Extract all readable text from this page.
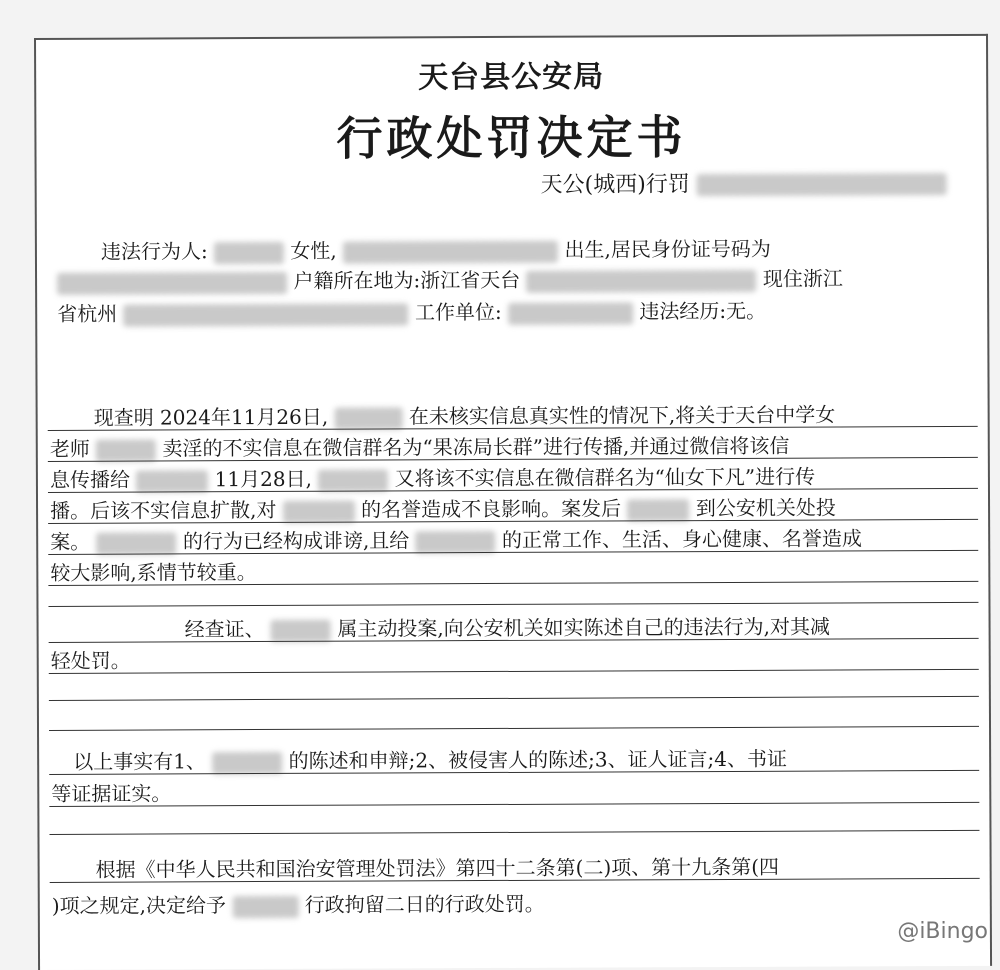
天台县公安局
行政处罚决定书
天公(城西)行罚
违法行为人:	女性,	出生,居民身份证号码为
户籍所在地为:浙江省天台	现住浙江
省杭州	工作单位:	违法经历:无。
现查明 2024年11月26日,	在未核实信息真实性的情况下,将关于天台中学女
老师	卖淫的不实信息在微信群名为“果冻局长群”进行传播,并通过微信将该信
息传播给	11月28日,	又将该不实信息在微信群名为“仙女下凡”进行传
播。后该不实信息扩散,对	的名誉造成不良影响。案发后	到公安机关处投
案。	的行为已经构成诽谤,且给	的正常工作、生活、身心健康、名誉造成
较大影响,系情节较重。
经查证、	属主动投案,向公安机关如实陈述自己的违法行为,对其减
轻处罚。
以上事实有1、	的陈述和申辩;2、被侵害人的陈述;3、证人证言;4、书证
等证据证实。
根据《中华人民共和国治安管理处罚法》第四十二条第(二)项、第十九条第(四
)项之规定,决定给予	行政拘留二日的行政处罚。
@iBingo
